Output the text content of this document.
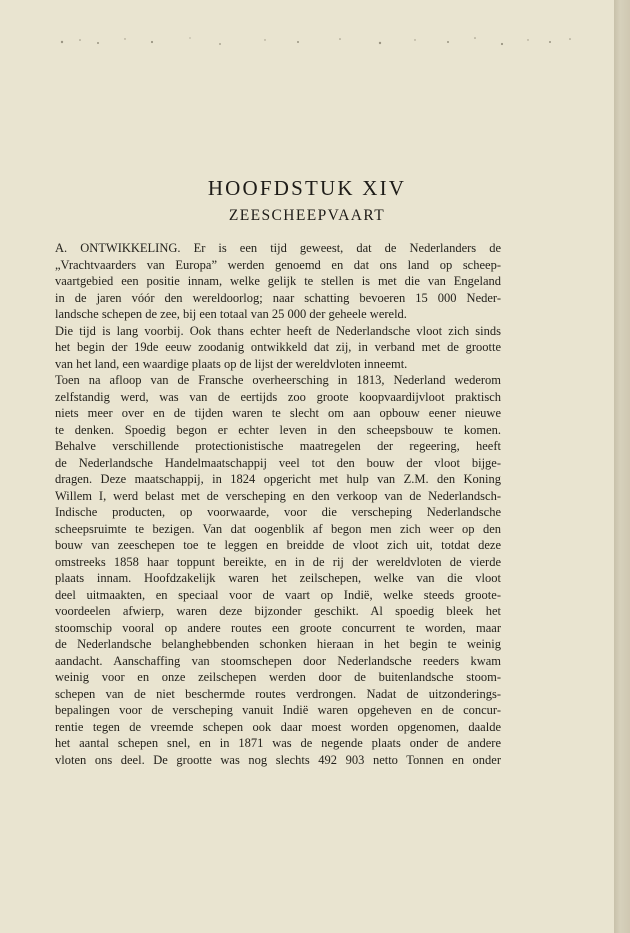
HOOFDSTUK XIV
ZEESCHEEPVAART
A. ONTWIKKELING. Er is een tijd geweest, dat de Nederlanders de
„Vrachtvaarders van Europa” werden genoemd en dat ons land op scheep-
vaartgebied een positie innam, welke gelijk te stellen is met die van Engeland
in de jaren vóór den wereldoorlog; naar schatting bevoeren 15 000 Neder-
landsche schepen de zee, bij een totaal van 25 000 der geheele wereld.
Die tijd is lang voorbij. Ook thans echter heeft de Nederlandsche vloot zich sinds
het begin der 19de eeuw zoodanig ontwikkeld dat zij, in verband met de grootte
van het land, een waardige plaats op de lijst der wereldvloten inneemt.
Toen na afloop van de Fransche overheersching in 1813, Nederland wederom
zelfstandig werd, was van de eertijds zoo groote koopvaardijvloot praktisch
niets meer over en de tijden waren te slecht om aan opbouw eener nieuwe
te denken. Spoedig begon er echter leven in den scheepsbouw te komen.
Behalve verschillende protectionistische maatregelen der regeering, heeft
de Nederlandsche Handelmaatschappij veel tot den bouw der vloot bijge-
dragen. Deze maatschappij, in 1824 opgericht met hulp van Z.M. den Koning
Willem I, werd belast met de verscheping en den verkoop van de Nederlandsch-
Indische producten, op voorwaarde, voor die verscheping Nederlandsche
scheepsruimte te bezigen. Van dat oogenblik af begon men zich weer op den
bouw van zeeschepen toe te leggen en breidde de vloot zich uit, totdat deze
omstreeks 1858 haar toppunt bereikte, en in de rij der wereldvloten de vierde
plaats innam. Hoofdzakelijk waren het zeilschepen, welke van die vloot
deel uitmaakten, en speciaal voor de vaart op Indië, welke steeds groote-
voordeelen afwierp, waren deze bijzonder geschikt. Al spoedig bleek het
stoomschip vooral op andere routes een groote concurrent te worden, maar
de Nederlandsche belanghebbenden schonken hieraan in het begin te weinig
aandacht. Aanschaffing van stoomschepen door Nederlandsche reeders kwam
weinig voor en onze zeilschepen werden door de buitenlandsche stoom-
schepen van de niet beschermde routes verdrongen. Nadat de uitzonderings-
bepalingen voor de verscheping vanuit Indië waren opgeheven en de concur-
rentie tegen de vreemde schepen ook daar moest worden opgenomen, daalde
het aantal schepen snel, en in 1871 was de negende plaats onder de andere
vloten ons deel. De grootte was nog slechts 492 903 netto Tonnen en onder
